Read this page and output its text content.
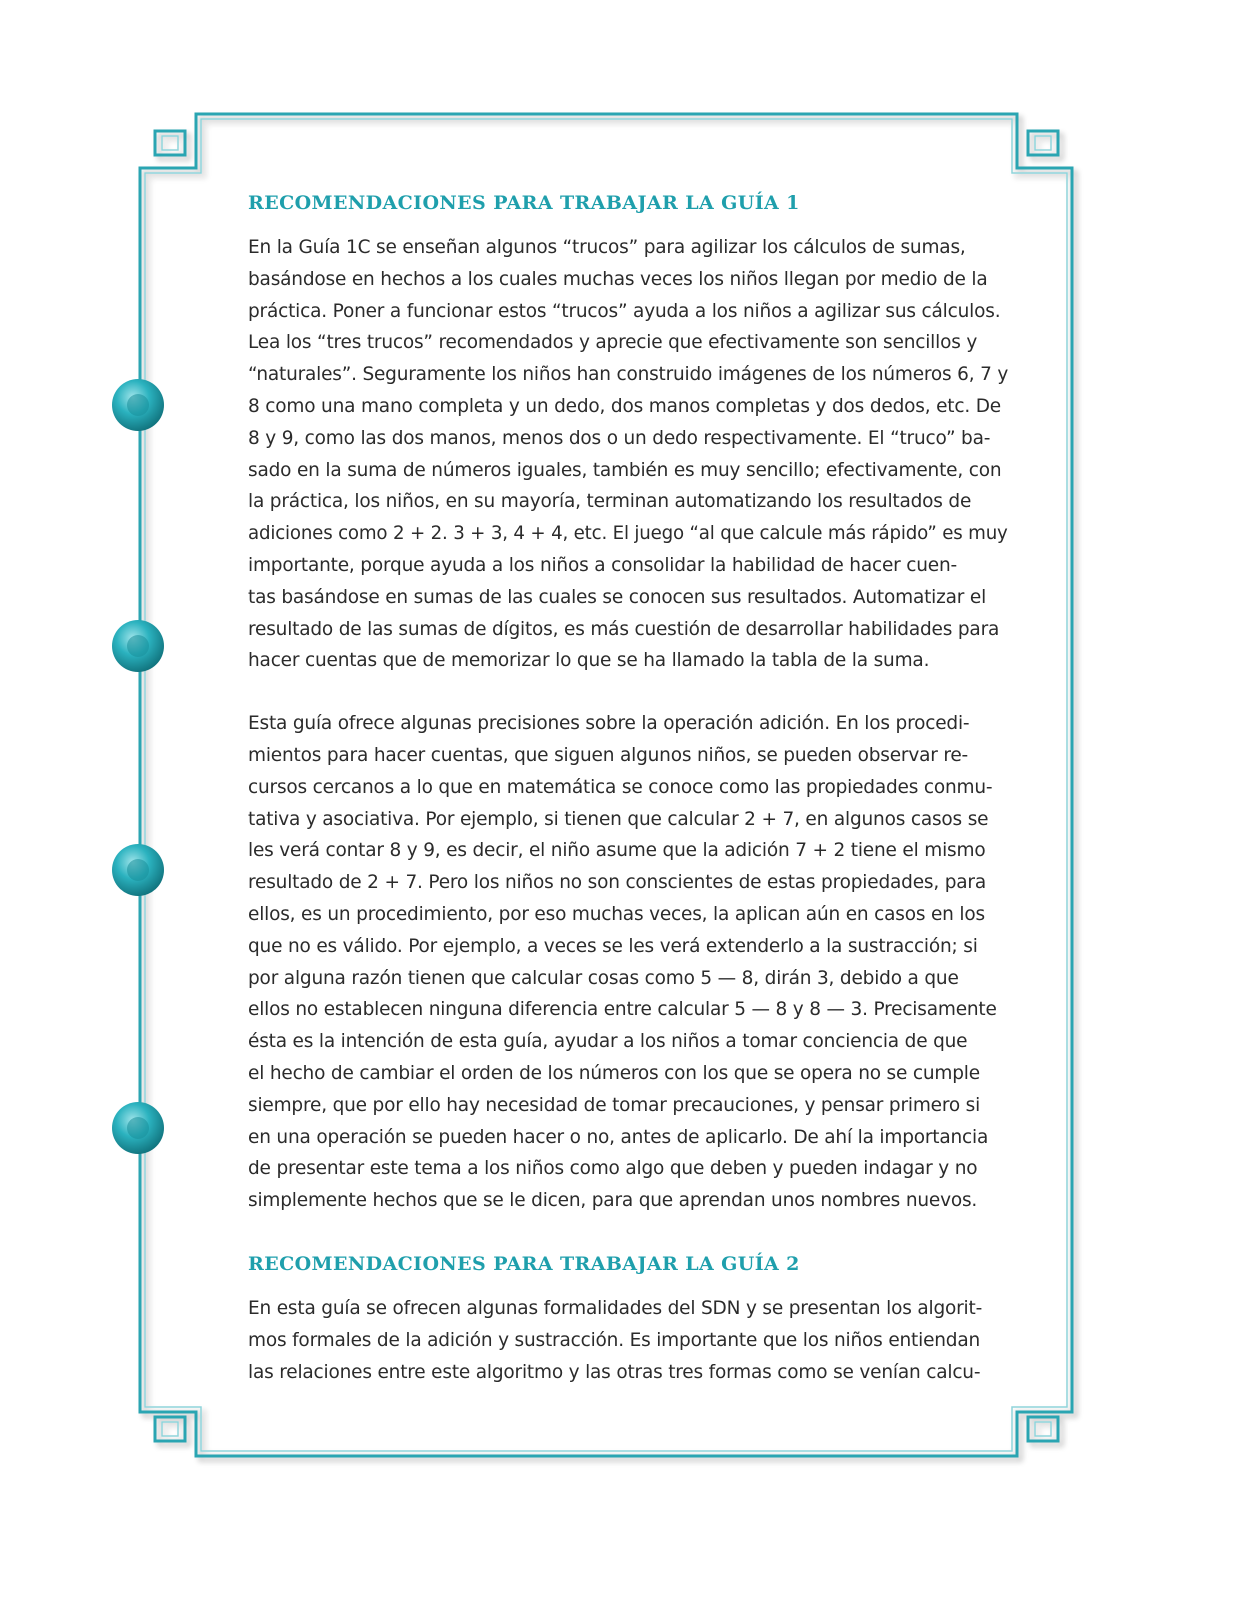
RECOMENDACIONES PARA TRABAJAR LA GUÍA 1

En la Guía 1C se enseñan algunos “trucos” para agilizar los cálculos de sumas,
basándose en hechos a los cuales muchas veces los niños llegan por medio de la
práctica. Poner a funcionar estos “trucos” ayuda a los niños a agilizar sus cálculos.
Lea los “tres trucos” recomendados y aprecie que efectivamente son sencillos y
“naturales”. Seguramente los niños han construido imágenes de los números 6, 7 y
8 como una mano completa y un dedo, dos manos completas y dos dedos, etc. De
8 y 9, como las dos manos, menos dos o un dedo respectivamente. El “truco” ba-
sado en la suma de números iguales, también es muy sencillo; efectivamente, con
la práctica, los niños, en su mayoría, terminan automatizando los resultados de
adiciones como 2 + 2. 3 + 3, 4 + 4, etc. El juego “al que calcule más rápido” es muy
importante, porque ayuda a los niños a consolidar la habilidad de hacer cuen-
tas basándose en sumas de las cuales se conocen sus resultados. Automatizar el
resultado de las sumas de dígitos, es más cuestión de desarrollar habilidades para
hacer cuentas que de memorizar lo que se ha llamado la tabla de la suma.

Esta guía ofrece algunas precisiones sobre la operación adición. En los procedi-
mientos para hacer cuentas, que siguen algunos niños, se pueden observar re-
cursos cercanos a lo que en matemática se conoce como las propiedades conmu-
tativa y asociativa. Por ejemplo, si tienen que calcular 2 + 7, en algunos casos se
les verá contar 8 y 9, es decir, el niño asume que la adición 7 + 2 tiene el mismo
resultado de 2 + 7. Pero los niños no son conscientes de estas propiedades, para
ellos, es un procedimiento, por eso muchas veces, la aplican aún en casos en los
que no es válido. Por ejemplo, a veces se les verá extenderlo a la sustracción; si
por alguna razón tienen que calcular cosas como 5 — 8, dirán 3, debido a que
ellos no establecen ninguna diferencia entre calcular 5 — 8 y 8 — 3. Precisamente
ésta es la intención de esta guía, ayudar a los niños a tomar conciencia de que
el hecho de cambiar el orden de los números con los que se opera no se cumple
siempre, que por ello hay necesidad de tomar precauciones, y pensar primero si
en una operación se pueden hacer o no, antes de aplicarlo. De ahí la importancia
de presentar este tema a los niños como algo que deben y pueden indagar y no
simplemente hechos que se le dicen, para que aprendan unos nombres nuevos.

RECOMENDACIONES PARA TRABAJAR LA GUÍA 2

En esta guía se ofrecen algunas formalidades del SDN y se presentan los algorit-
mos formales de la adición y sustracción. Es importante que los niños entiendan
las relaciones entre este algoritmo y las otras tres formas como se venían calcu-
